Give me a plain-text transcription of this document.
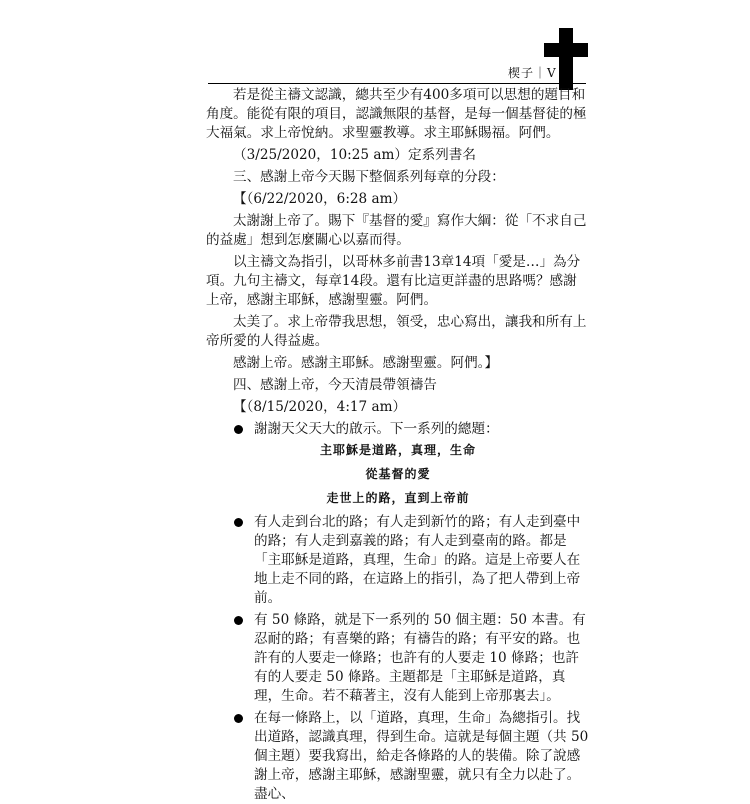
楔子｜V

若是從主禱文認識，總共至少有400多項可以思想的題目和角度。能從有限的項目，認識無限的基督，是每一個基督徒的極大福氣。求上帝悅納。求聖靈教導。求主耶穌賜福。阿們。

（3/25/2020，10:25 am）定系列書名

三、感謝上帝今天賜下整個系列每章的分段：

【（6/22/2020，6:28 am）

太謝謝上帝了。賜下『基督的愛』寫作大綱：從「不求自己的益處」想到怎麼關心以嘉而得。

以主禱文為指引，以哥林多前書13章14項「愛是…」為分項。九句主禱文，每章14段。還有比這更詳盡的思路嗎？感謝上帝，感謝主耶穌，感謝聖靈。阿們。

太美了。求上帝帶我思想，領受，忠心寫出，讓我和所有上帝所愛的人得益處。

感謝上帝。感謝主耶穌。感謝聖靈。阿們。】

四、感謝上帝，今天清晨帶領禱告

【（8/15/2020，4:17 am）

謝謝天父天大的啟示。下一系列的總題：
主耶穌是道路，真理，生命
從基督的愛
走世上的路，直到上帝前
有人走到台北的路；有人走到新竹的路；有人走到臺中的路；有人走到嘉義的路；有人走到臺南的路。都是「主耶穌是道路，真理，生命」的路。這是上帝要人在地上走不同的路，在這路上的指引，為了把人帶到上帝前。
有 50 條路，就是下一系列的 50 個主題：50 本書。有忍耐的路；有喜樂的路；有禱告的路；有平安的路。也許有的人要走一條路；也許有的人要走 10 條路；也許有的人要走 50 條路。主題都是「主耶穌是道路，真理，生命。若不藉著主，沒有人能到上帝那裏去」。
在每一條路上，以「道路，真理，生命」為總指引。找出道路，認識真理，得到生命。這就是每個主題（共 50 個主題）要我寫出，給走各條路的人的裝備。除了說感謝上帝，感謝主耶穌，感謝聖靈，就只有全力以赴了。盡心、
